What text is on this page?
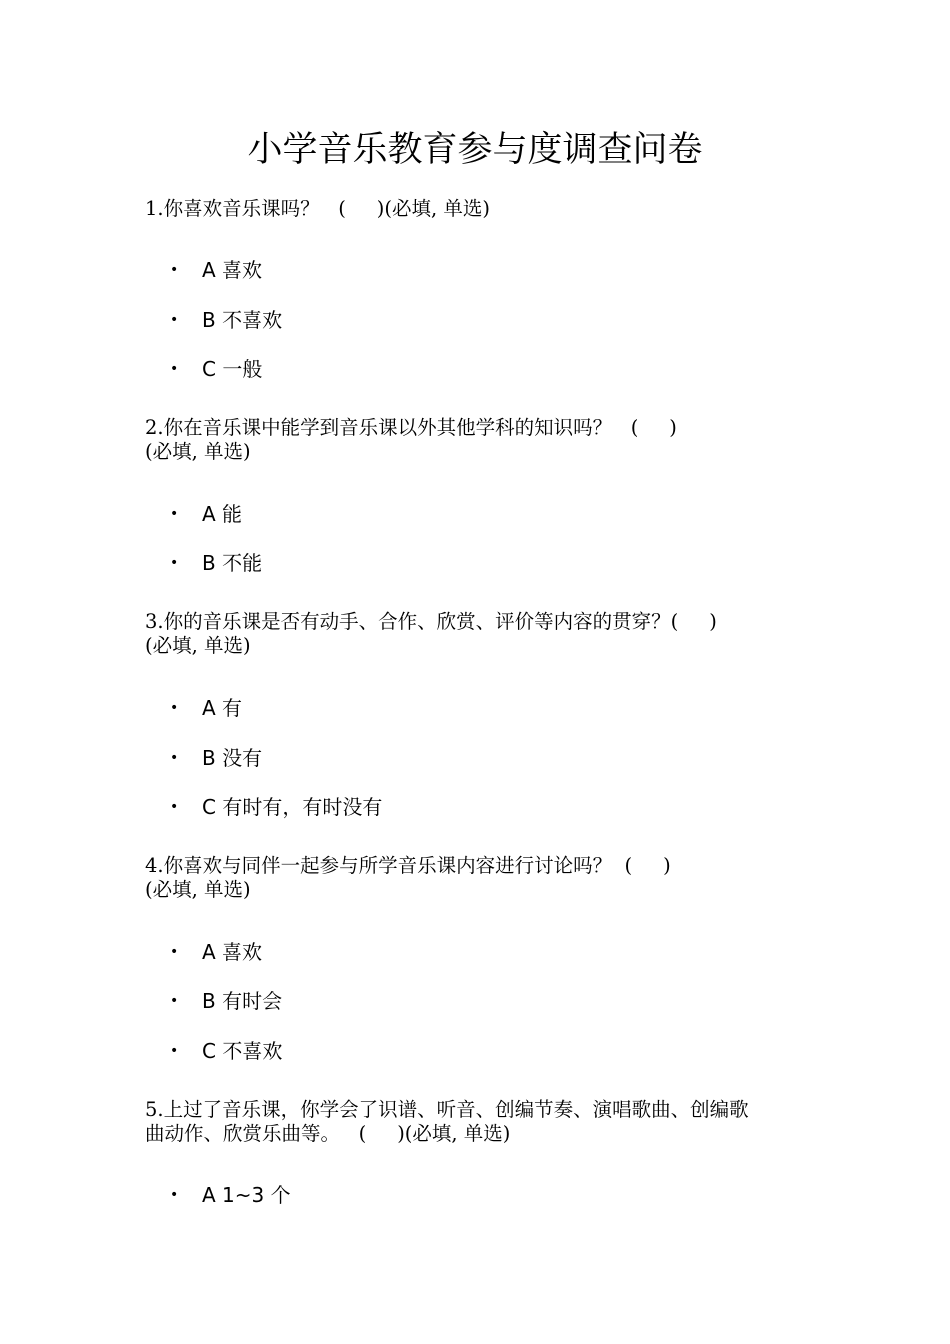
小学音乐教育参与度调查问卷

1.你喜欢音乐课吗？   (     )(必填, 单选)

• A 喜欢
• B 不喜欢
• C 一般

2.你在音乐课中能学到音乐课以外其他学科的知识吗？   (     )
(必填, 单选)

• A 能
• B 不能

3.你的音乐课是否有动手、合作、欣赏、评价等内容的贯穿？(     )
(必填, 单选)

• A 有
• B 没有
• C 有时有，有时没有

4.你喜欢与同伴一起参与所学音乐课内容进行讨论吗？  (     )
(必填, 单选)

• A 喜欢
• B 有时会
• C 不喜欢

5.上过了音乐课，你学会了识谱、听音、创编节奏、演唱歌曲、创编歌
曲动作、欣赏乐曲等。   (     )(必填, 单选)

• A 1~3 个
